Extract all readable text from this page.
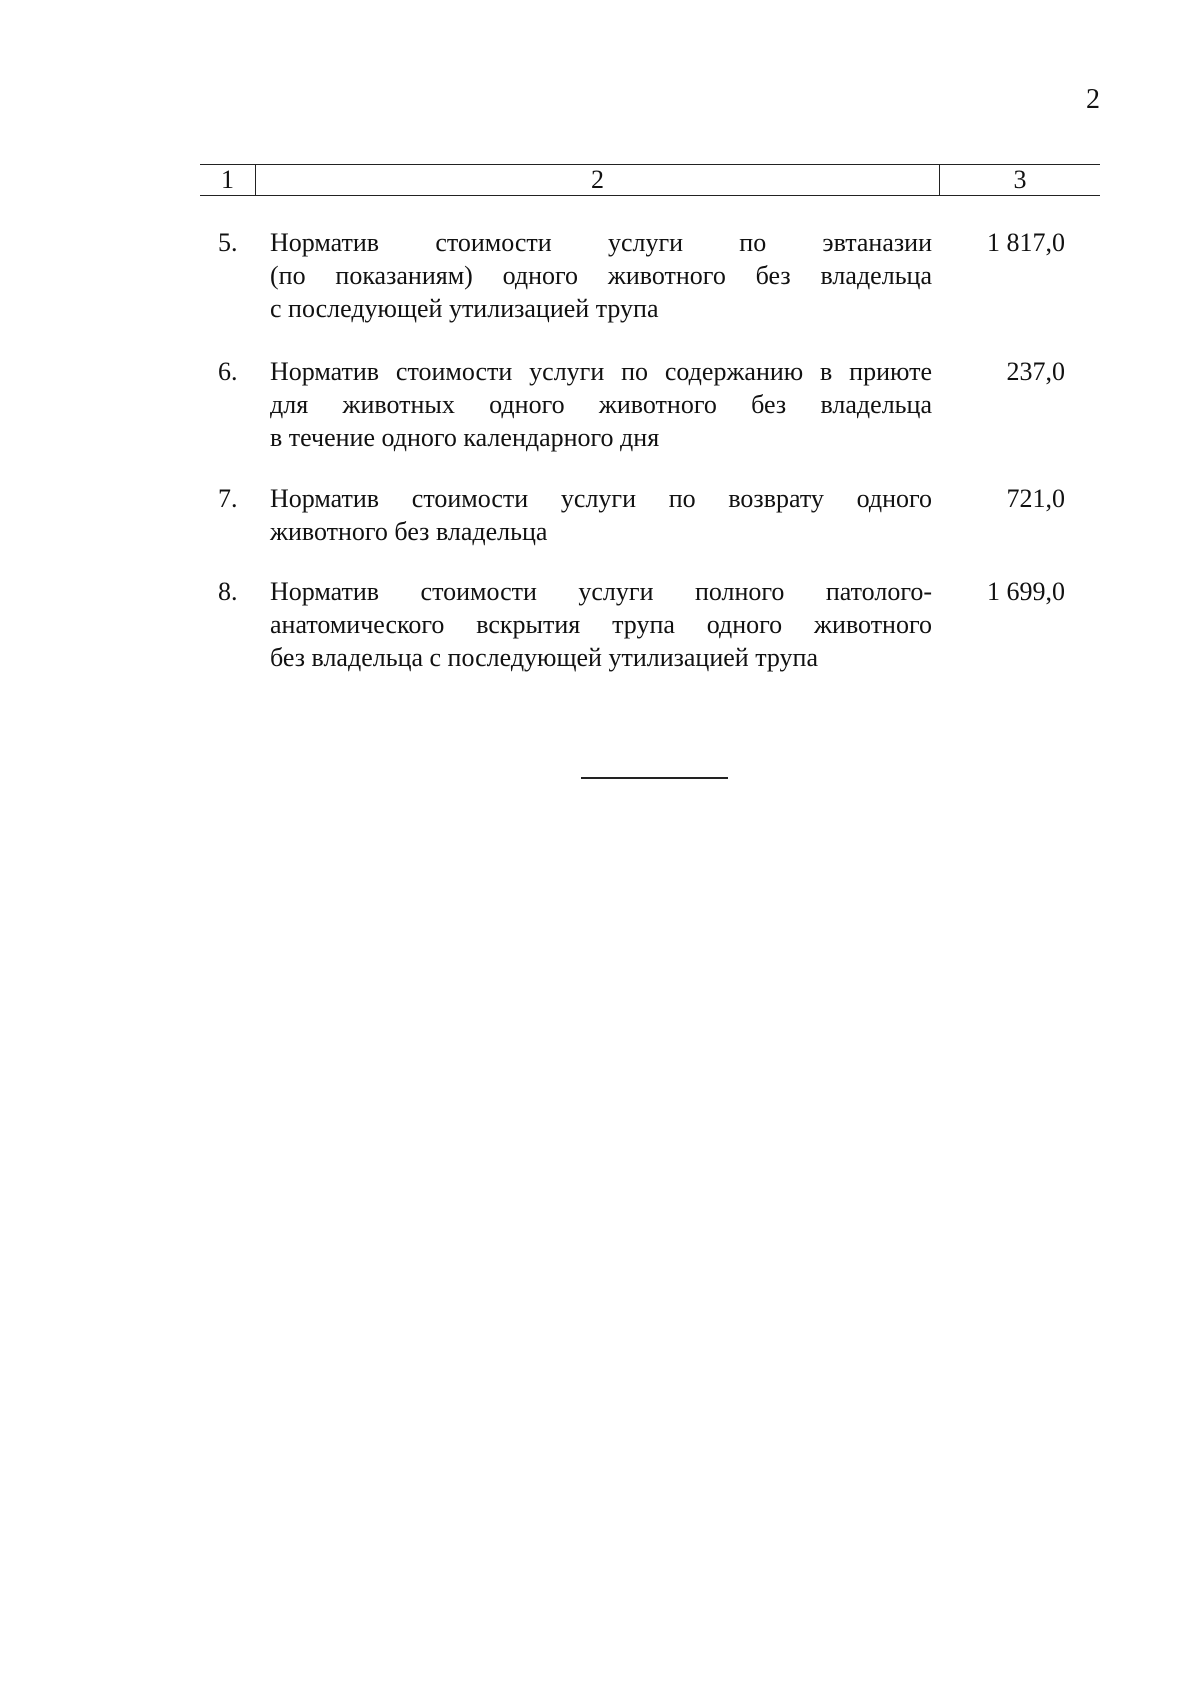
2
1	2	3
5. Норматив стоимости услуги по эвтаназии
(по показаниям) одного животного без владельца
с последующей утилизацией трупа
1 817,0
6. Норматив стоимости услуги по содержанию в приюте
для животных одного животного без владельца
в течение одного календарного дня
237,0
7. Норматив стоимости услуги по возврату одного
животного без владельца
721,0
8. Норматив стоимости услуги полного патолого-
анатомического вскрытия трупа одного животного
без владельца с последующей утилизацией трупа
1 699,0
